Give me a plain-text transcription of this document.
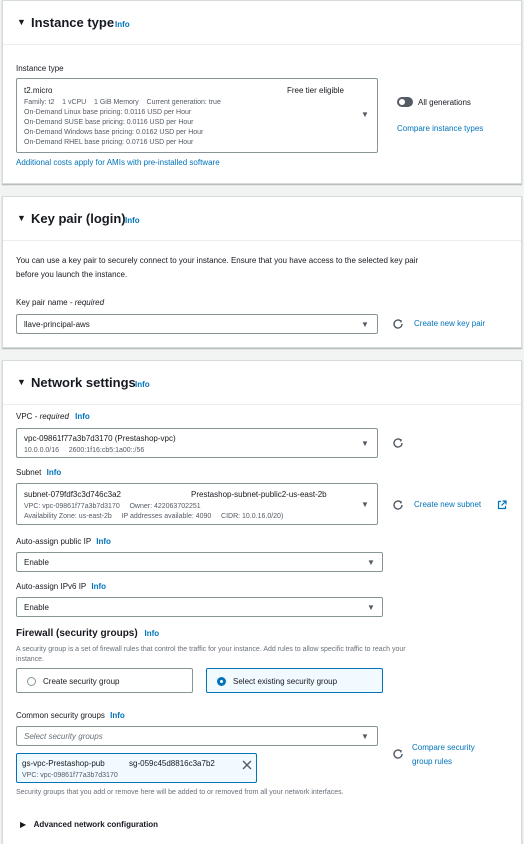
▼ Instance type Info
Instance type
t2.micro	Free tier eligible
Family: t2    1 vCPU    1 GiB Memory    Current generation: true
On-Demand Linux base pricing: 0.0116 USD per Hour
On-Demand SUSE base pricing: 0.0116 USD per Hour
On-Demand Windows base pricing: 0.0162 USD per Hour
On-Demand RHEL base pricing: 0.0716 USD per Hour
▼
All generations
Compare instance types
Additional costs apply for AMIs with pre-installed software
▼ Key pair (login) Info
You can use a key pair to securely connect to your instance. Ensure that you have access to the selected key pair
before you launch the instance.
Key pair name - required
llave-principal-aws	▼	Create new key pair
▼ Network settings Info
VPC - required Info
vpc-09861f77a3b7d3170 (Prestashop-vpc)
10.0.0.0/16     2600:1f16:cb5:1a00::/56
▼
Subnet Info
subnet-079fdf3c3d746c3a2	Prestashop-subnet-public2-us-east-2b
VPC: vpc-09861f77a3b7d3170     Owner: 422063702251
Availability Zone: us-east-2b     IP addresses available: 4090     CIDR: 10.0.16.0/20)
▼	Create new subnet
Auto-assign public IP Info
Enable	▼
Auto-assign IPv6 IP Info
Enable	▼
Firewall (security groups) Info
A security group is a set of firewall rules that control the traffic for your instance. Add rules to allow specific traffic to reach your
instance.
Create security group	Select existing security group
Common security groups Info
Select security groups	▼
Compare security
group rules
gs-vpc-Prestashop-pub	sg-059c45d8816c3a7b2
VPC: vpc-09861f77a3b7d3170
Security groups that you add or remove here will be added to or removed from all your network interfaces.
▶ Advanced network configuration
